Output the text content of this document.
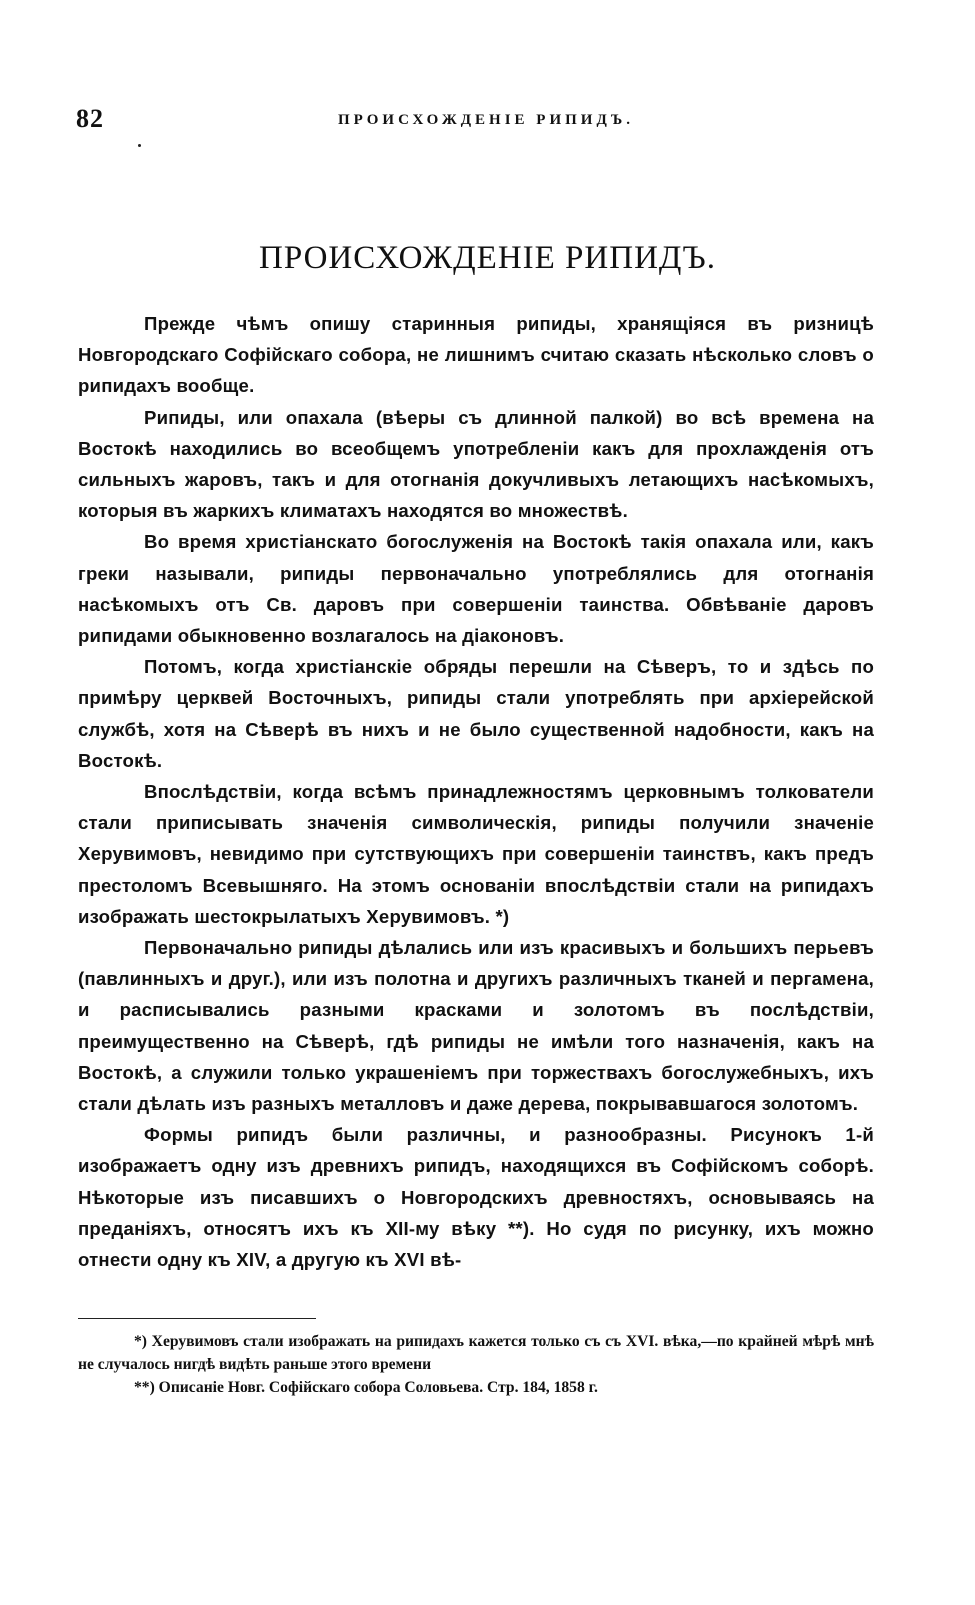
82	ПРОИСХОЖДЕНІЕ РИПИДЪ.
ПРОИСХОЖДЕНІЕ РИПИДЪ.

Прежде чѣмъ опишу старинныя рипиды, хранящіяся въ ризницѣ Новгородскаго Софійскаго собора, не лишнимъ считаю сказать нѣсколько словъ о рипидахъ вообще.

Рипиды, или опахала (вѣеры съ длинной палкой) во всѣ времена на Востокѣ находились во всеобщемъ употребленіи какъ для прохлажденія отъ сильныхъ жаровъ, такъ и для отогнанія докучливыхъ летающихъ насѣкомыхъ, которыя въ жаркихъ климатахъ находятся во множествѣ.

Во время христіанскато богослуженія на Востокѣ такія опахала или, какъ греки называли, рипиды первоначально употреблялись для отогнанія насѣкомыхъ отъ Св. даровъ при совершеніи таинства. Обвѣваніе даровъ рипидами обыкновенно возлагалось на діаконовъ.

Потомъ, когда христіанскіе обряды перешли на Сѣверъ, то и здѣсь по примѣру церквей Восточныхъ, рипиды стали употреблять при архіерейской службѣ, хотя на Сѣверѣ въ нихъ и не было существенной надобности, какъ на Востокѣ.

Впослѣдствіи, когда всѣмъ принадлежностямъ церковнымъ толкователи стали приписывать значенія символическія, рипиды получили значеніе Херувимовъ, невидимо при сутствующихъ при совершеніи таинствъ, какъ предъ престоломъ Всевышняго. На этомъ основаніи впослѣдствіи стали на рипидахъ изображать шестокрылатыхъ Херувимовъ. *)

Первоначально рипиды дѣлались или изъ красивыхъ и большихъ перьевъ (павлинныхъ и друг.), или изъ полотна и другихъ различныхъ тканей и пергамена, и расписывались разными красками и золотомъ въ послѣдствіи, преимущественно на Сѣверѣ, гдѣ рипиды не имѣли того назначенія, какъ на Востокѣ, а служили только украшеніемъ при торжествахъ богослужебныхъ, ихъ стали дѣлать изъ разныхъ металловъ и даже дерева, покрывавшагося золотомъ.

Формы рипидъ были различны, и разнообразны. Рисунокъ 1-й изображаетъ одну изъ древнихъ рипидъ, находящихся въ Софійскомъ соборѣ. Нѣкоторые изъ писавшихъ о Новгородскихъ древностяхъ, основываясь на преданіяхъ, относятъ ихъ къ XII-му вѣку **). Но судя по рисунку, ихъ можно отнести одну къ XIV, а другую къ XVI вѣ-

*) Херувимовъ стали изображать на рипидахъ кажется только съ съ XVI. вѣка,—по крайней мѣрѣ мнѣ не случалось нигдѣ видѣть раньше этого времени

**) Описаніе Новг. Софійскаго собора Соловьева. Стр. 184, 1858 г.
